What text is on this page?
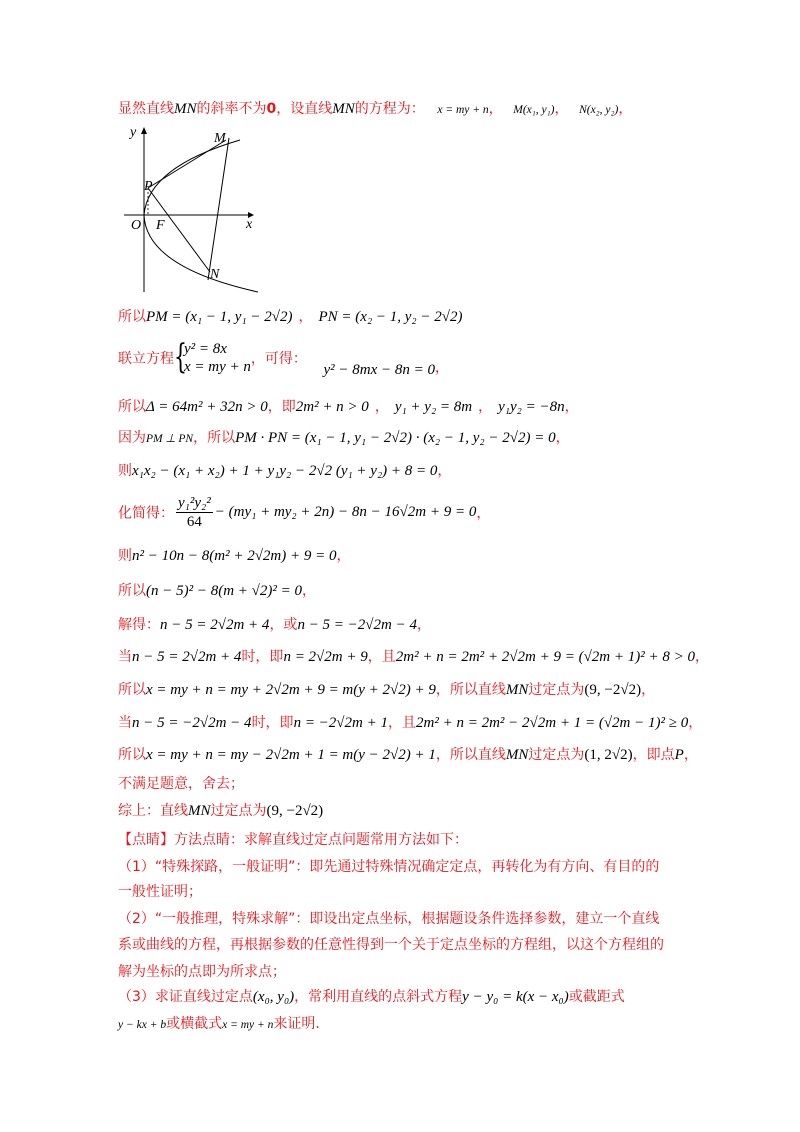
显然直线MN的斜率不为0，设直线MN的方程为： x = my + n， M(x₁, y₁)， N(x₂, y₂)，
y
x
O F
P
M
N
所以PM = (x₁ − 1, y₁ − 2√2) ， PN = (x₂ − 1, y₂ − 2√2)
联立方程 {
y² = 8x
x = my + n ，可得： y² − 8mx − 8n = 0，
所以Δ = 64m² + 32n > 0，即2m² + n > 0 ， y₁ + y₂ = 8m ， y₁y₂ = −8n，
因为PM ⊥ PN，所以PM · PN = (x₁ − 1, y₁ − 2√2) · (x₂ − 1, y₂ − 2√2) = 0，
则x₁x₂ − (x₁ + x₂) + 1 + y₁y₂ − 2√2 (y₁ + y₂) + 8 = 0，
化简得： $\frac{\text{y₁²y₂²}}{64} - (my_1 + my_2 + 2n) - 8n - 16√2m + 9 = 0$，
则n² − 10n − 8(m² + 2√2m) + 9 = 0，
所以(n − 5)² − 8(m + √2)² = 0，
解得：n − 5 = 2√2m + 4，或n − 5 = −2√2m − 4，
当n − 5 = 2√2m + 4时，即n = 2√2m + 9，且2m² + n = 2m² + 2√2m + 9 = (√2m + 1)² + 8 > 0，
所以x = my + n = my + 2√2m + 9 = m(y + 2√2) + 9，所以直线MN过定点为(9, −2√2)，
当n − 5 = −2√2m − 4时，即n = −2√2m + 1，且2m² + n = 2m² − 2√2m + 1 = (√2m − 1)² ≥ 0，
所以x = my + n = my − 2√2m + 1 = m(y − 2√2) + 1，所以直线MN过定点为(1, 2√2)，即点P，
不满足题意，舍去；
综上：直线MN过定点为(9, −2√2)
【点睛】方法点睛：求解直线过定点问题常用方法如下：
（1）“特殊探路，一般证明”：即先通过特殊情况确定定点，再转化为有方向、有目的的
一般性证明；
（2）“一般推理，特殊求解”：即设出定点坐标，根据题设条件选择参数，建立一个直线
系或曲线的方程，再根据参数的任意性得到一个关于定点坐标的方程组，以这个方程组的
解为坐标的点即为所求点；
（3）求证直线过定点(x₀, y₀)，常利用直线的点斜式方程y − y₀ = k(x − x₀)或截距式
y − kx + b或横截式x = my + n来证明.
